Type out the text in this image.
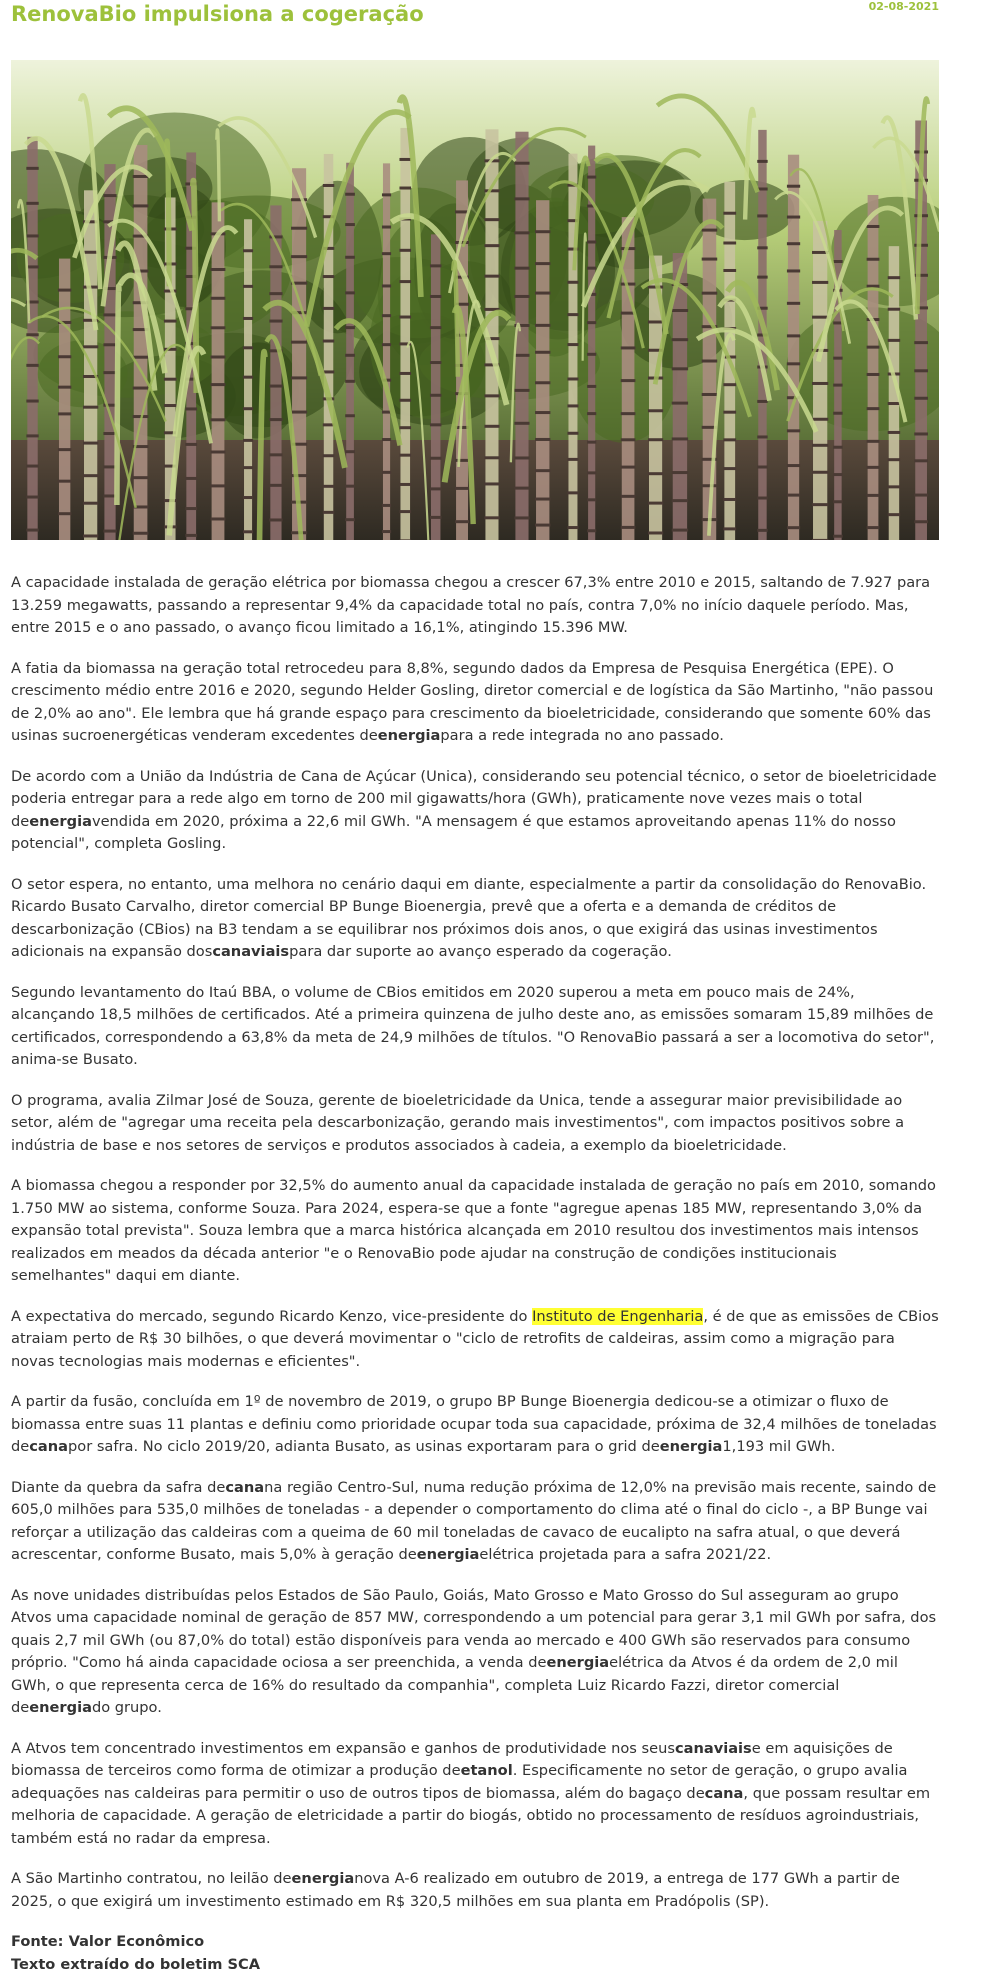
RenovaBio impulsiona a cogeração	02-08-2021

A capacidade instalada de geração elétrica por biomassa chegou a crescer 67,3% entre 2010 e 2015, saltando de 7.927 para 13.259 megawatts, passando a representar 9,4% da capacidade total no país, contra 7,0% no início daquele período. Mas, entre 2015 e o ano passado, o avanço ficou limitado a 16,1%, atingindo 15.396 MW.

A fatia da biomassa na geração total retrocedeu para 8,8%, segundo dados da Empresa de Pesquisa Energética (EPE). O crescimento médio entre 2016 e 2020, segundo Helder Gosling, diretor comercial e de logística da São Martinho, "não passou de 2,0% ao ano". Ele lembra que há grande espaço para crescimento da bioeletricidade, considerando que somente 60% das usinas sucroenergéticas venderam excedentes deenergiapara a rede integrada no ano passado.

De acordo com a União da Indústria de Cana de Açúcar (Unica), considerando seu potencial técnico, o setor de bioeletricidade poderia entregar para a rede algo em torno de 200 mil gigawatts/hora (GWh), praticamente nove vezes mais o total deenergiavendida em 2020, próxima a 22,6 mil GWh. "A mensagem é que estamos aproveitando apenas 11% do nosso potencial", completa Gosling.

O setor espera, no entanto, uma melhora no cenário daqui em diante, especialmente a partir da consolidação do RenovaBio. Ricardo Busato Carvalho, diretor comercial BP Bunge Bioenergia, prevê que a oferta e a demanda de créditos de descarbonização (CBios) na B3 tendam a se equilibrar nos próximos dois anos, o que exigirá das usinas investimentos adicionais na expansão doscanaviaispara dar suporte ao avanço esperado da cogeração.

Segundo levantamento do Itaú BBA, o volume de CBios emitidos em 2020 superou a meta em pouco mais de 24%, alcançando 18,5 milhões de certificados. Até a primeira quinzena de julho deste ano, as emissões somaram 15,89 milhões de certificados, correspondendo a 63,8% da meta de 24,9 milhões de títulos. "O RenovaBio passará a ser a locomotiva do setor", anima-se Busato.

O programa, avalia Zilmar José de Souza, gerente de bioeletricidade da Unica, tende a assegurar maior previsibilidade ao setor, além de "agregar uma receita pela descarbonização, gerando mais investimentos", com impactos positivos sobre a indústria de base e nos setores de serviços e produtos associados à cadeia, a exemplo da bioeletricidade.

A biomassa chegou a responder por 32,5% do aumento anual da capacidade instalada de geração no país em 2010, somando 1.750 MW ao sistema, conforme Souza. Para 2024, espera-se que a fonte "agregue apenas 185 MW, representando 3,0% da expansão total prevista". Souza lembra que a marca histórica alcançada em 2010 resultou dos investimentos mais intensos realizados em meados da década anterior "e o RenovaBio pode ajudar na construção de condições institucionais semelhantes" daqui em diante.

A expectativa do mercado, segundo Ricardo Kenzo, vice-presidente do Instituto de Engenharia, é de que as emissões de CBios atraiam perto de R$ 30 bilhões, o que deverá movimentar o "ciclo de retrofits de caldeiras, assim como a migração para novas tecnologias mais modernas e eficientes".

A partir da fusão, concluída em 1º de novembro de 2019, o grupo BP Bunge Bioenergia dedicou-se a otimizar o fluxo de biomassa entre suas 11 plantas e definiu como prioridade ocupar toda sua capacidade, próxima de 32,4 milhões de toneladas decanapor safra. No ciclo 2019/20, adianta Busato, as usinas exportaram para o grid deenergia1,193 mil GWh.

Diante da quebra da safra decanana região Centro-Sul, numa redução próxima de 12,0% na previsão mais recente, saindo de 605,0 milhões para 535,0 milhões de toneladas - a depender o comportamento do clima até o final do ciclo -, a BP Bunge vai reforçar a utilização das caldeiras com a queima de 60 mil toneladas de cavaco de eucalipto na safra atual, o que deverá acrescentar, conforme Busato, mais 5,0% à geração deenergiaelétrica projetada para a safra 2021/22.

As nove unidades distribuídas pelos Estados de São Paulo, Goiás, Mato Grosso e Mato Grosso do Sul asseguram ao grupo Atvos uma capacidade nominal de geração de 857 MW, correspondendo a um potencial para gerar 3,1 mil GWh por safra, dos quais 2,7 mil GWh (ou 87,0% do total) estão disponíveis para venda ao mercado e 400 GWh são reservados para consumo próprio. "Como há ainda capacidade ociosa a ser preenchida, a venda deenergiaelétrica da Atvos é da ordem de 2,0 mil GWh, o que representa cerca de 16% do resultado da companhia", completa Luiz Ricardo Fazzi, diretor comercial deenergiado grupo.

A Atvos tem concentrado investimentos em expansão e ganhos de produtividade nos seuscanaviaise em aquisições de biomassa de terceiros como forma de otimizar a produção deetanol. Especificamente no setor de geração, o grupo avalia adequações nas caldeiras para permitir o uso de outros tipos de biomassa, além do bagaço decana, que possam resultar em melhoria de capacidade. A geração de eletricidade a partir do biogás, obtido no processamento de resíduos agroindustriais, também está no radar da empresa.

A São Martinho contratou, no leilão deenergianova A-6 realizado em outubro de 2019, a entrega de 177 GWh a partir de 2025, o que exigirá um investimento estimado em R$ 320,5 milhões em sua planta em Pradópolis (SP).

Fonte: Valor Econômico
Texto extraído do boletim SCA
